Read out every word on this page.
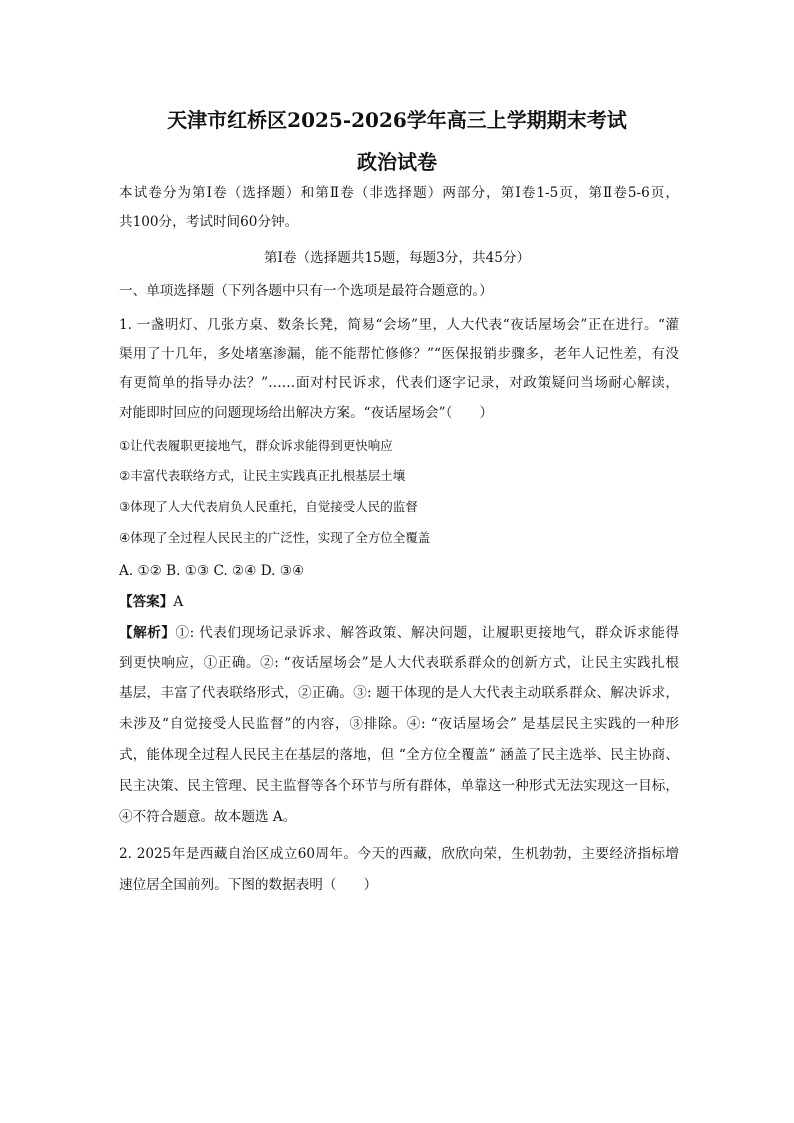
天津市红桥区2025-2026学年高三上学期期末考试
政治试卷
本试卷分为第Ⅰ卷（选择题）和第Ⅱ卷（非选择题）两部分，第Ⅰ卷1-5页，第Ⅱ卷5-6页，
共100分，考试时间60分钟。
第Ⅰ卷（选择题共15题，每题3分，共45分）
一、单项选择题（下列各题中只有一个选项是最符合题意的。）
1. 一盏明灯、几张方桌、数条长凳，简易“会场”里，人大代表“夜话屋场会”正在进行。“灌
渠用了十几年，多处堵塞渗漏，能不能帮忙修修？”“医保报销步骤多，老年人记性差，有没
有更简单的指导办法？”……面对村民诉求，代表们逐字记录，对政策疑问当场耐心解读，
对能即时回应的问题现场给出解决方案。“夜话屋场会”（　　）
①让代表履职更接地气，群众诉求能得到更快响应
②丰富代表联络方式，让民主实践真正扎根基层土壤
③体现了人大代表肩负人民重托，自觉接受人民的监督
④体现了全过程人民民主的广泛性，实现了全方位全覆盖
A. ①② B. ①③ C. ②④ D. ③④
【答案】A
【解析】①: 代表们现场记录诉求、解答政策、解决问题，让履职更接地气，群众诉求能得
到更快响应，①正确。②: “夜话屋场会”是人大代表联系群众的创新方式，让民主实践扎根
基层，丰富了代表联络形式，②正确。③: 题干体现的是人大代表主动联系群众、解决诉求，
未涉及“自觉接受人民监督”的内容，③排除。④: “夜话屋场会” 是基层民主实践的一种形
式，能体现全过程人民民主在基层的落地，但 “全方位全覆盖” 涵盖了民主选举、民主协商、
民主决策、民主管理、民主监督等各个环节与所有群体，单靠这一种形式无法实现这一目标，
④不符合题意。故本题选 A。
2. 2025年是西藏自治区成立60周年。今天的西藏，欣欣向荣，生机勃勃，主要经济指标增
速位居全国前列。下图的数据表明（　　）
